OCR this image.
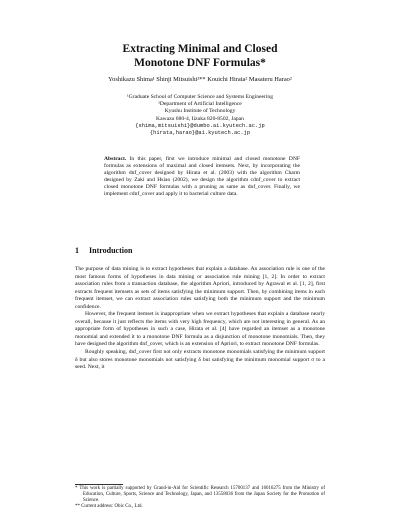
Extracting Minimal and Closed
Monotone DNF Formulas*
Yoshikazu Shima¹ Shinji Mitsuishi²** Kouichi Hirata² Masateru Harao²
¹Graduate School of Computer Science and Systems Engineering
²Department of Artificial Intelligence
Kyushu Institute of Technology
Kawazu 680-4, Iizuka 820-8502, Japan
{shima,mitsuishi}@dumbo.ai.kyutech.ac.jp
{hirata,harao}@ai.kyutech.ac.jp
Abstract. In this paper, first we introduce minimal and closed monotone DNF formulas as extensions of maximal and closed itemsets. Next, by incorporating the algorithm dnf_cover designed by Hirata et al. (2003) with the algorithm Charm designed by Zaki and Hsiao (2002), we design the algorithm cdnf_cover to extract closed monotone DNF formulas with a pruning as same as dnf_cover. Finally, we implement cdnf_cover and apply it to bacterial culture data.
1 Introduction

The purpose of data mining is to extract hypotheses that explain a database. An association rule is one of the most famous forms of hypotheses in data mining or association rule mining [1, 2]. In order to extract association rules from a transaction database, the algorithm Apriori, introduced by Agrawal et al. [1, 2], first extracts frequent itemsets as sets of items satisfying the minimum support. Then, by combining items in each frequent itemset, we can extract association rules satisfying both the minimum support and the minimum confidence.

However, the frequent itemset is inappropriate when we extract hypotheses that explain a database nearly overall, because it just reflects the items with very high frequency, which are not interesting in general. As an appropriate form of hypotheses in such a case, Hirata et al. [4] have regarded an itemset as a monotone monomial and extended it to a monotone DNF formula as a disjunction of monotone monomials. Then, they have designed the algorithm dnf_cover, which is an extension of Apriori, to extract monotone DNF formulas.

Roughly speaking, dnf_cover first not only extracts monotone monomials satisfying the minimum support δ but also stores monotone monomials not satisfying δ but satisfying the minimum monomial support σ to a seed. Next, it

* This work is partially supported by Grand-in-Aid for Scientific Research 15700137 and 16016275 from the Ministry of Education, Culture, Sports, Science and Technology, Japan, and 13558036 from the Japan Society for the Promotion of Science.

** Current address: Obic Co., Ltd.
